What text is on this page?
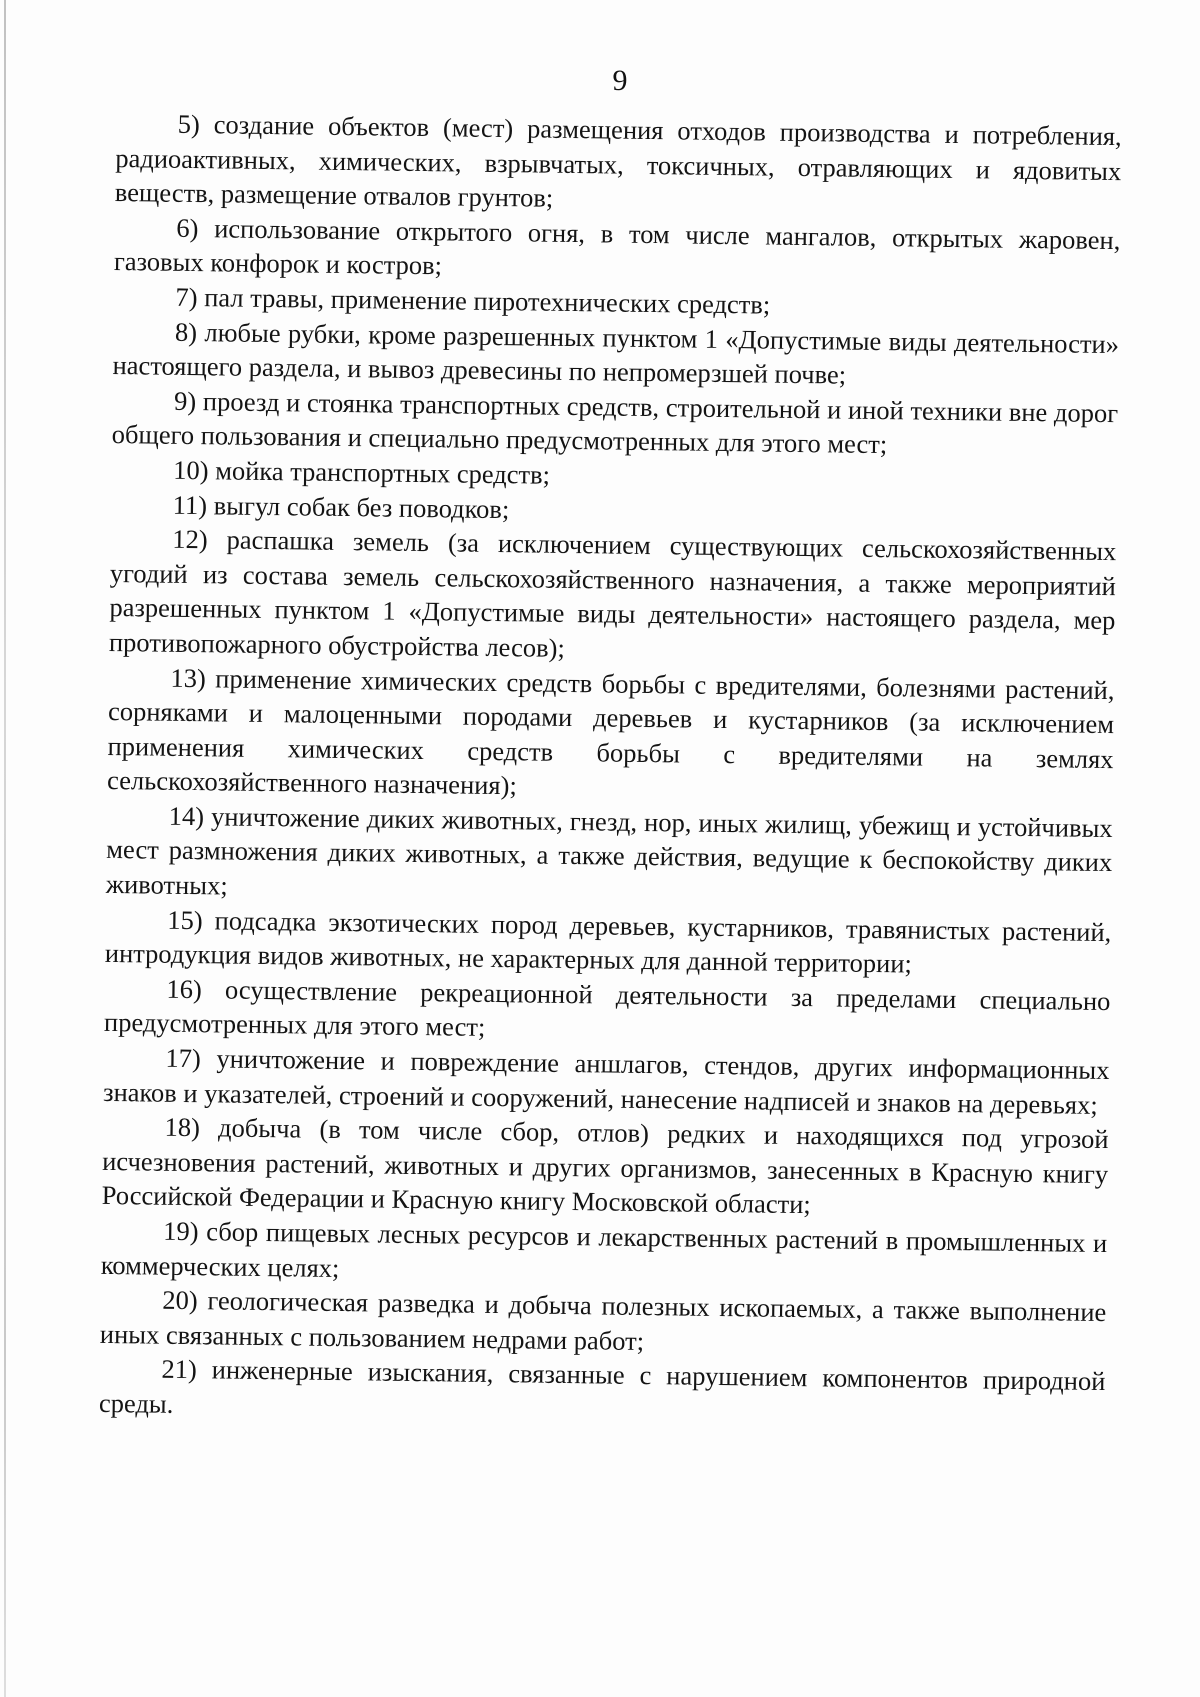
9

5) создание объектов (мест) размещения отходов производства и потребления, радиоактивных, химических, взрывчатых, токсичных, отравляющих и ядовитых веществ, размещение отвалов грунтов;

6) использование открытого огня, в том числе мангалов, открытых жаровен, газовых конфорок и костров;

7) пал травы, применение пиротехнических средств;

8) любые рубки, кроме разрешенных пунктом 1 «Допустимые виды деятельности» настоящего раздела, и вывоз древесины по непромерзшей почве;

9) проезд и стоянка транспортных средств, строительной и иной техники вне дорог общего пользования и специально предусмотренных для этого мест;

10) мойка транспортных средств;

11) выгул собак без поводков;

12) распашка земель (за исключением существующих сельскохозяйственных угодий из состава земель сельскохозяйственного назначения, а также мероприятий разрешенных пунктом 1 «Допустимые виды деятельности» настоящего раздела, мер противопожарного обустройства лесов);

13) применение химических средств борьбы с вредителями, болезнями растений, сорняками и малоценными породами деревьев и кустарников (за исключением применения химических средств борьбы с вредителями на землях сельскохозяйственного назначения);

14) уничтожение диких животных, гнезд, нор, иных жилищ, убежищ и устойчивых мест размножения диких животных, а также действия, ведущие к беспокойству диких животных;

15) подсадка экзотических пород деревьев, кустарников, травянистых растений, интродукция видов животных, не характерных для данной территории;

16) осуществление рекреационной деятельности за пределами специально предусмотренных для этого мест;

17) уничтожение и повреждение аншлагов, стендов, других информационных знаков и указателей, строений и сооружений, нанесение надписей и знаков на деревьях;

18) добыча (в том числе сбор, отлов) редких и находящихся под угрозой исчезновения растений, животных и других организмов, занесенных в Красную книгу Российской Федерации и Красную книгу Московской области;

19) сбор пищевых лесных ресурсов и лекарственных растений в промышленных и коммерческих целях;

20) геологическая разведка и добыча полезных ископаемых, а также выполнение иных связанных с пользованием недрами работ;

21) инженерные изыскания, связанные с нарушением компонентов природной среды.
